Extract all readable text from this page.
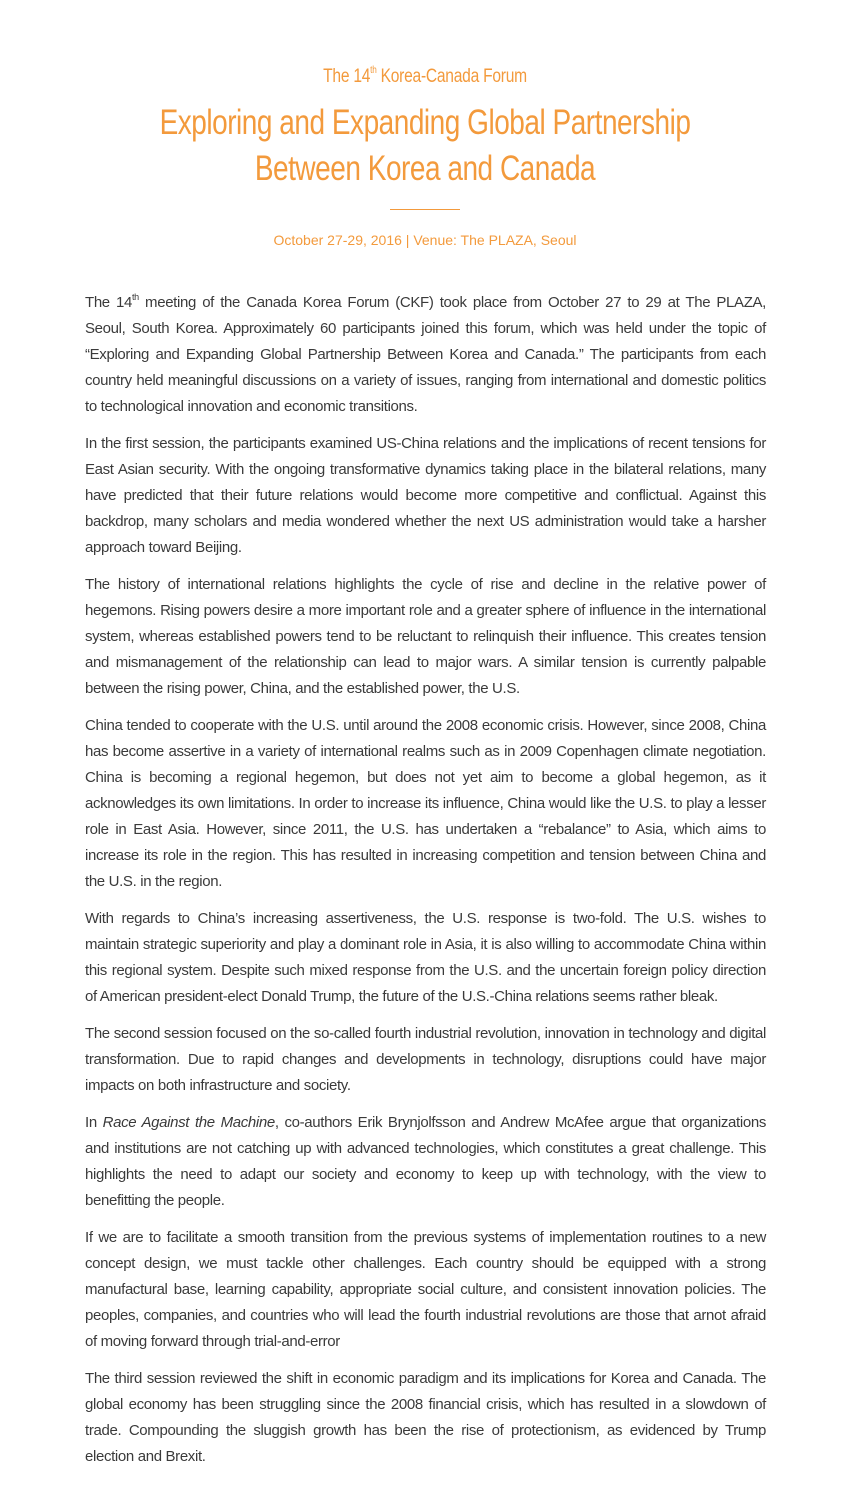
The 14th Korea-Canada Forum
Exploring and Expanding Global Partnership
Between Korea and Canada
October 27-29, 2016 | Venue: The PLAZA, Seoul

The 14th meeting of the Canada Korea Forum (CKF) took place from October 27 to 29 at The PLAZA, Seoul, South Korea. Approximately 60 participants joined this forum, which was held under the topic of “Exploring and Expanding Global Partnership Between Korea and Canada.” The participants from each country held meaningful discussions on a variety of issues, ranging from international and domestic politics to technological innovation and economic transitions.

In the first session, the participants examined US-China relations and the implications of recent tensions for East Asian security. With the ongoing transformative dynamics taking place in the bilateral relations, many have predicted that their future relations would become more competitive and conflictual. Against this backdrop, many scholars and media wondered whether the next US administration would take a harsher approach toward Beijing.

The history of international relations highlights the cycle of rise and decline in the relative power of hegemons. Rising powers desire a more important role and a greater sphere of influence in the international system, whereas established powers tend to be reluctant to relinquish their influence. This creates tension and mismanagement of the relationship can lead to major wars. A similar tension is currently palpable between the rising power, China, and the established power, the U.S.

China tended to cooperate with the U.S. until around the 2008 economic crisis. However, since 2008, China has become assertive in a variety of international realms such as in 2009 Copenhagen climate negotiation. China is becoming a regional hegemon, but does not yet aim to become a global hegemon, as it acknowledges its own limitations. In order to increase its influence, China would like the U.S. to play a lesser role in East Asia. However, since 2011, the U.S. has undertaken a “rebalance” to Asia, which aims to increase its role in the region. This has resulted in increasing competition and tension between China and the U.S. in the region.

With regards to China’s increasing assertiveness, the U.S. response is two-fold. The U.S. wishes to maintain strategic superiority and play a dominant role in Asia, it is also willing to accommodate China within this regional system. Despite such mixed response from the U.S. and the uncertain foreign policy direction of American president-elect Donald Trump, the future of the U.S.-China relations seems rather bleak.

The second session focused on the so-called fourth industrial revolution, innovation in technology and digital transformation. Due to rapid changes and developments in technology, disruptions could have major impacts on both infrastructure and society.

In Race Against the Machine, co-authors Erik Brynjolfsson and Andrew McAfee argue that organizations and institutions are not catching up with advanced technologies, which constitutes a great challenge. This highlights the need to adapt our society and economy to keep up with technology, with the view to benefitting the people.

If we are to facilitate a smooth transition from the previous systems of implementation routines to a new concept design, we must tackle other challenges. Each country should be equipped with a strong manufactural base, learning capability, appropriate social culture, and consistent innovation policies. The peoples, companies, and countries who will lead the fourth industrial revolutions are those that arnot afraid of moving forward through trial-and-error

The third session reviewed the shift in economic paradigm and its implications for Korea and Canada. The global economy has been struggling since the 2008 financial crisis, which has resulted in a slowdown of trade. Compounding the sluggish growth has been the rise of protectionism, as evidenced by Trump election and Brexit.
